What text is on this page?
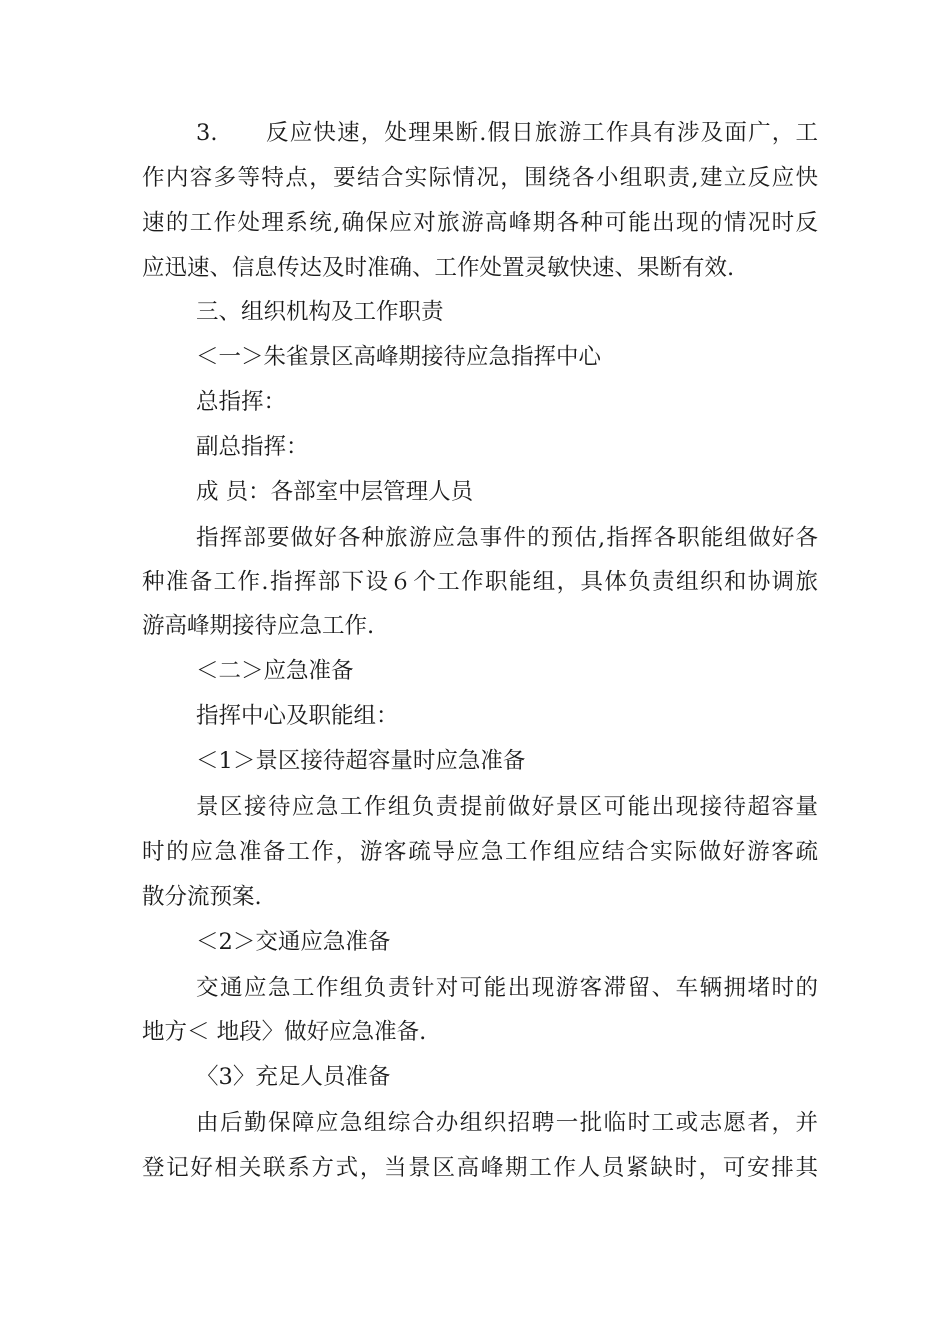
3.　　反应快速，处理果断.假日旅游工作具有涉及面广，工
作内容多等特点，要结合实际情况，围绕各小组职责,建立反应快
速的工作处理系统,确保应对旅游高峰期各种可能出现的情况时反
应迅速、信息传达及时准确、工作处置灵敏快速、果断有效.
三、组织机构及工作职责
＜一＞朱雀景区高峰期接待应急指挥中心
总指挥：
副总指挥：
成 员：各部室中层管理人员
指挥部要做好各种旅游应急事件的预估,指挥各职能组做好各
种准备工作.指挥部下设６个工作职能组，具体负责组织和协调旅
游高峰期接待应急工作.
＜二＞应急准备
指挥中心及职能组：
＜1＞景区接待超容量时应急准备
景区接待应急工作组负责提前做好景区可能出现接待超容量
时的应急准备工作，游客疏导应急工作组应结合实际做好游客疏
散分流预案.
＜2＞交通应急准备
交通应急工作组负责针对可能出现游客滞留、车辆拥堵时的
地方＜ 地段〉做好应急准备.
〈3〉充足人员准备
由后勤保障应急组综合办组织招聘一批临时工或志愿者，并
登记好相关联系方式，当景区高峰期工作人员紧缺时，可安排其
